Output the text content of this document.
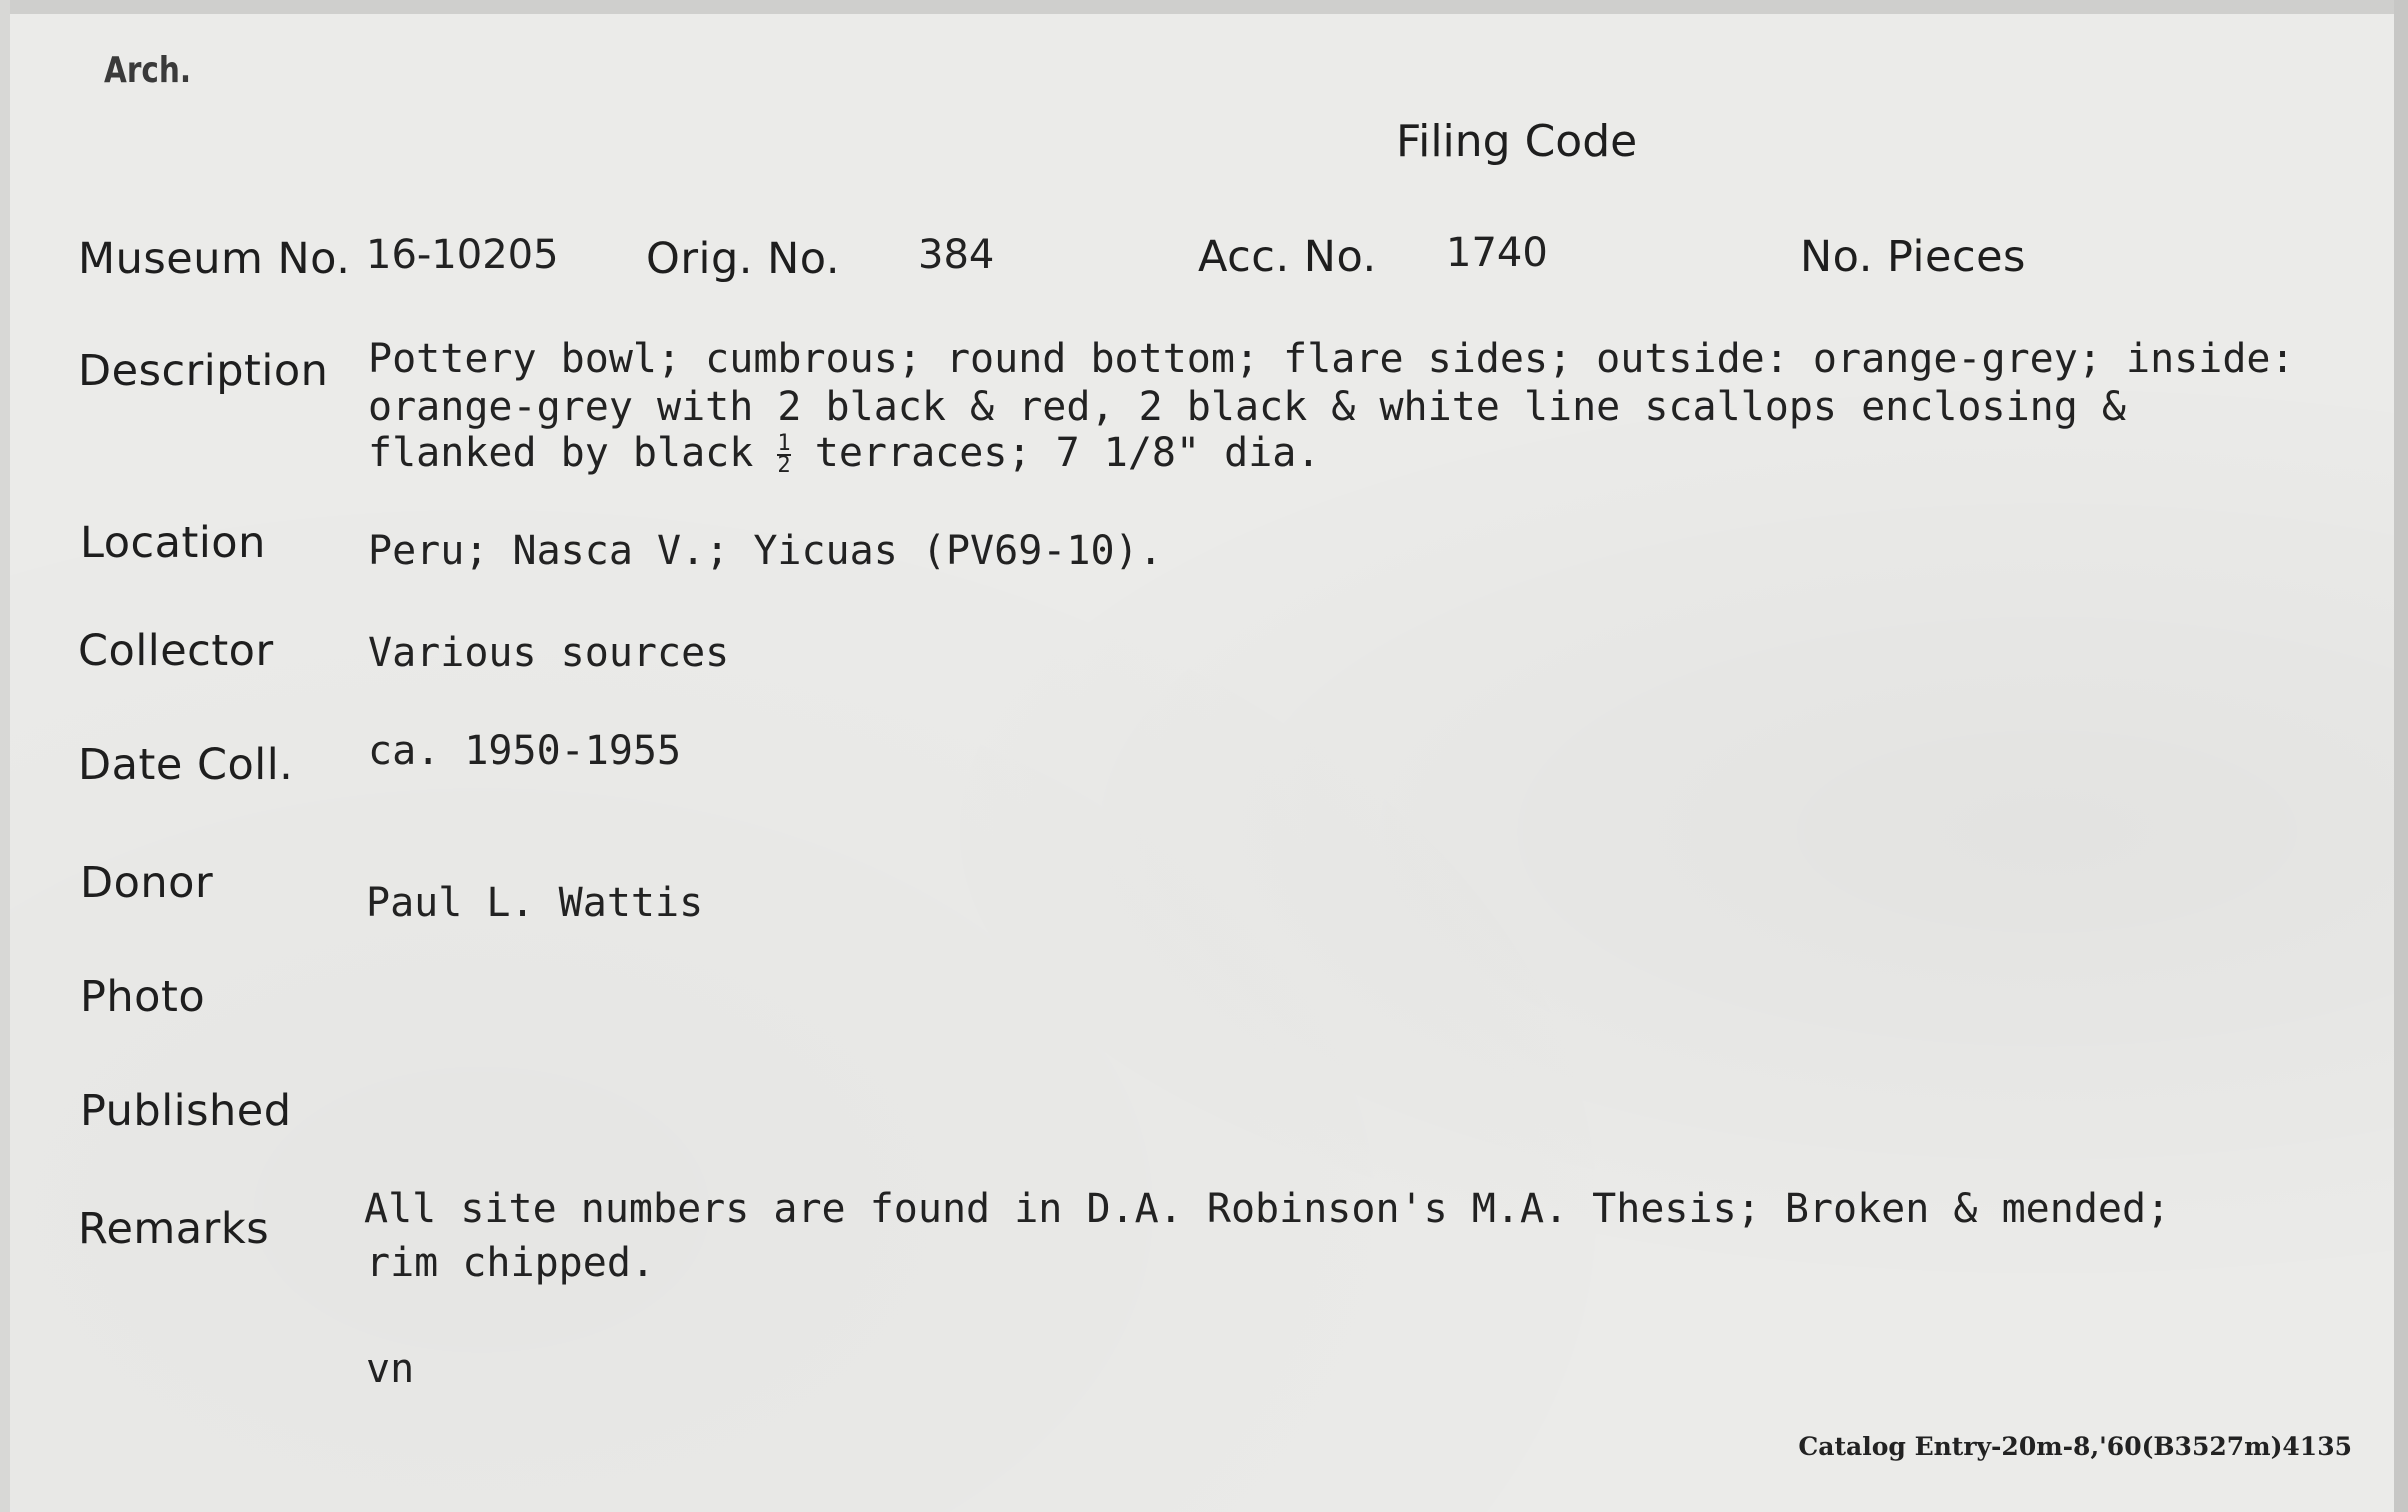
Arch.
Filing Code
Museum No. 16-10205 Orig. No. 384	Acc. No. 1740	No. Pieces
Description Pottery bowl; cumbrous; round bottom; flare sides; outside: orange-grey; inside:
orange-grey with 2 black & red, 2 black & white line scallops enclosing &
flanked by black $\frac{1}{2}$ terraces; 7 1/8" dia.
Location	Peru; Nasca V.; Yicuas (PV69-10).
Collector Various sources
Date Coll. ca. 1950-1955
Donor	Paul L. Wattis
Photo
Published
Remarks All site numbers are found in D.A. Robinson's M.A. Thesis; Broken & mended;
rim chipped.
vn
Catalog Entry-20m-8,'60(B3527m)4135
